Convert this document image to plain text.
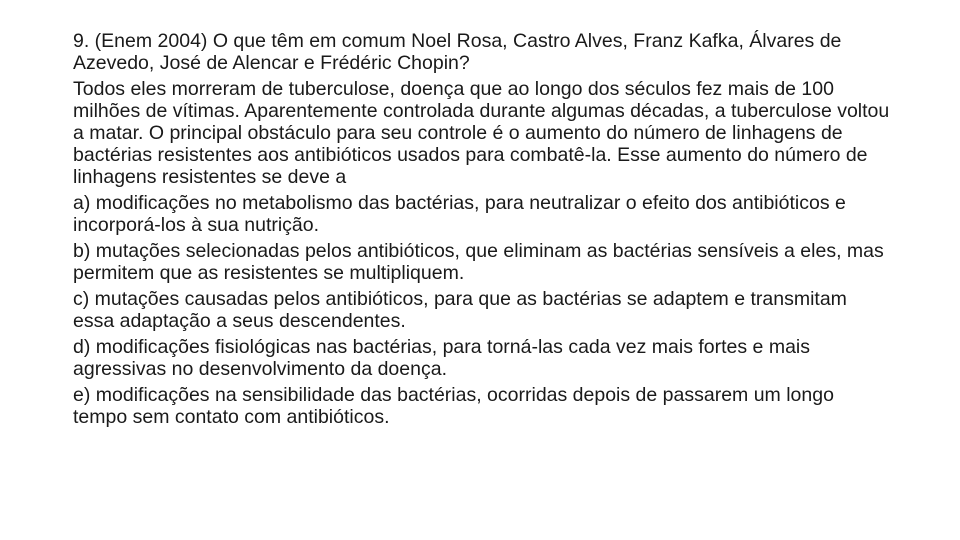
9. (Enem 2004) O que têm em comum Noel Rosa, Castro Alves, Franz Kafka, Álvares de Azevedo, José de Alencar e Frédéric Chopin?

Todos eles morreram de tuberculose, doença que ao longo dos séculos fez mais de 100 milhões de vítimas. Aparentemente controlada durante algumas décadas, a tuberculose voltou a matar. O principal obstáculo para seu controle é o aumento do número de linhagens de bactérias resistentes aos antibióticos usados para combatê-la. Esse aumento do número de linhagens resistentes se deve a

a) modificações no metabolismo das bactérias, para neutralizar o efeito dos antibióticos e incorporá-los à sua nutrição.

b) mutações selecionadas pelos antibióticos, que eliminam as bactérias sensíveis a eles, mas permitem que as resistentes se multipliquem.

c) mutações causadas pelos antibióticos, para que as bactérias se adaptem e transmitam essa adaptação a seus descendentes.

d) modificações fisiológicas nas bactérias, para torná-las cada vez mais fortes e mais agressivas no desenvolvimento da doença.

e) modificações na sensibilidade das bactérias, ocorridas depois de passarem um longo tempo sem contato com antibióticos.
